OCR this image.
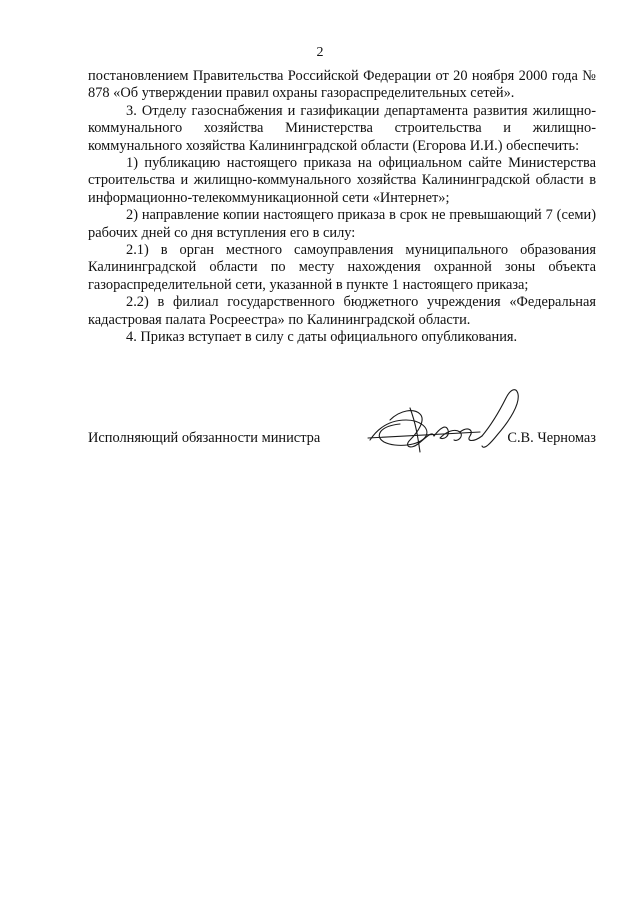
2

постановлением Правительства Российской Федерации от 20 ноября 2000 года № 878 «Об утверждении правил охраны газораспределительных сетей».

3. Отделу газоснабжения и газификации департамента развития жилищно-коммунального хозяйства Министерства строительства и жилищно-коммунального хозяйства Калининградской области (Егорова И.И.) обеспечить:

1) публикацию настоящего приказа на официальном сайте Министерства строительства и жилищно-коммунального хозяйства Калининградской области в информационно-телекоммуникационной сети «Интернет»;

2) направление копии настоящего приказа в срок не превышающий 7 (семи) рабочих дней со дня вступления его в силу:

2.1) в орган местного самоуправления муниципального образования Калининградской области по месту нахождения охранной зоны объекта газораспределительной сети, указанной в пункте 1 настоящего приказа;

2.2) в филиал государственного бюджетного учреждения «Федеральная кадастровая палата Росреестра» по Калининградской области.

4. Приказ вступает в силу с даты официального опубликования.

Исполняющий обязанности министра	С.В. Черномаз
